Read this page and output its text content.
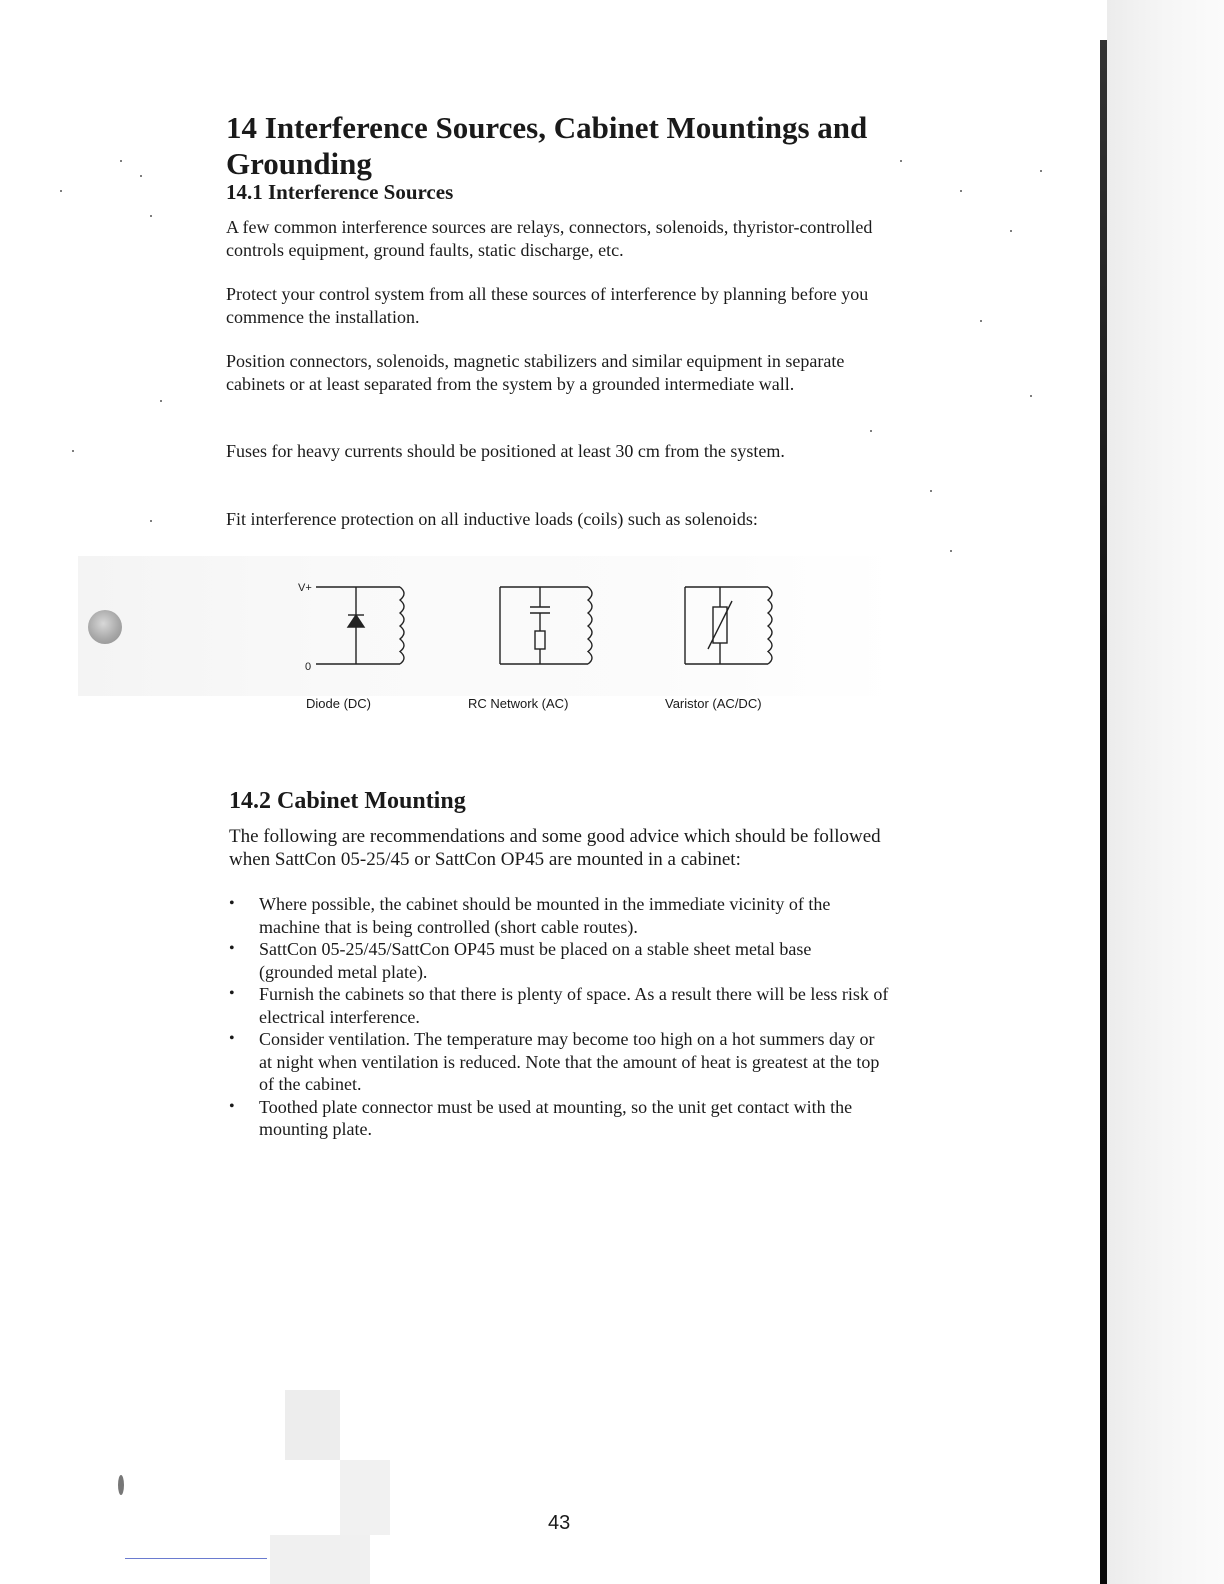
14 Interference Sources, Cabinet Mountings and Grounding
14.1 Interference Sources

A few common interference sources are relays, connectors, solenoids, thyristor-controlled controls equipment, ground faults, static discharge, etc.

Protect your control system from all these sources of interference by planning before you commence the installation.

Position connectors, solenoids, magnetic stabilizers and similar equipment in separate cabinets or at least separated from the system by a grounded intermediate wall.

Fuses for heavy currents should be positioned at least 30 cm from the system.

Fit interference protection on all inductive loads (coils) such as solenoids:

V+
0
Diode (DC)	RC Network (AC)	Varistor (AC/DC)
14.2 Cabinet Mounting

The following are recommendations and some good advice which should be followed when SattCon 05-25/45 or SattCon OP45 are mounted in a cabinet:

•	Where possible, the cabinet should be mounted in the immediate vicinity of the machine that is being controlled (short cable routes).
•	SattCon 05-25/45/SattCon OP45 must be placed on a stable sheet metal base (grounded metal plate).
•	Furnish the cabinets so that there is plenty of space. As a result there will be less risk of electrical interference.
•	Consider ventilation. The temperature may become too high on a hot summers day or at night when ventilation is reduced. Note that the amount of heat is greatest at the top of the cabinet.
•	Toothed plate connector must be used at mounting, so the unit get contact with the mounting plate.
43
